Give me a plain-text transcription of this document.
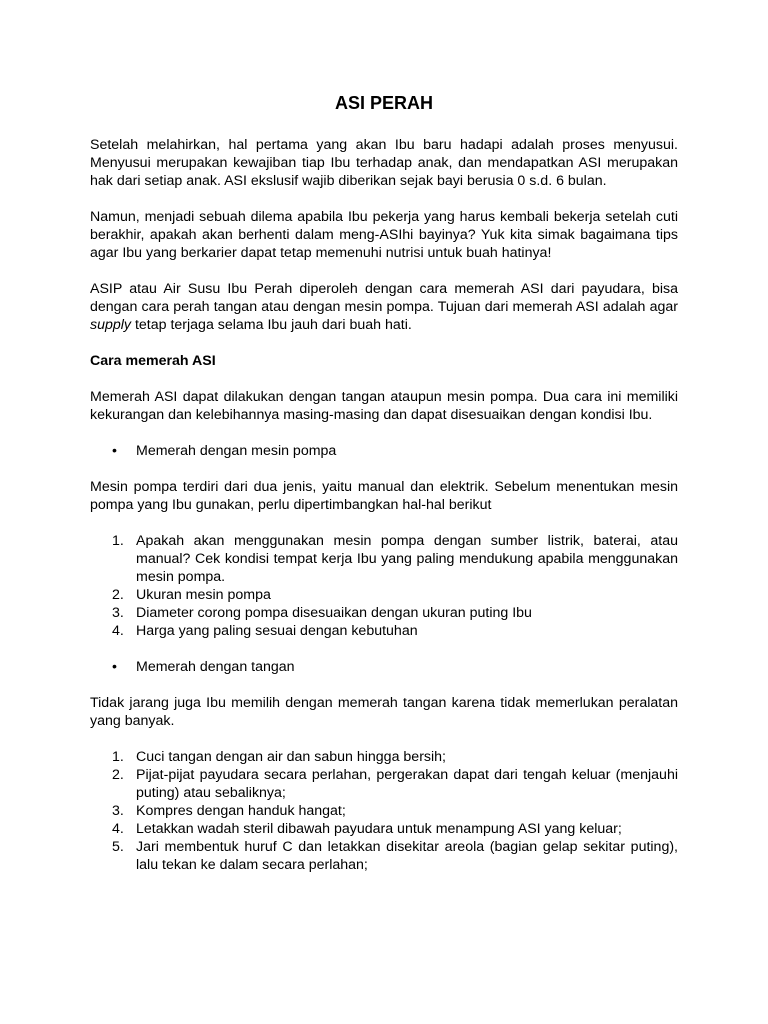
ASI PERAH

Setelah melahirkan, hal pertama yang akan Ibu baru hadapi adalah proses menyusui. Menyusui merupakan kewajiban tiap Ibu terhadap anak, dan mendapatkan ASI merupakan hak dari setiap anak. ASI ekslusif wajib diberikan sejak bayi berusia 0 s.d. 6 bulan.

Namun, menjadi sebuah dilema apabila Ibu pekerja yang harus kembali bekerja setelah cuti berakhir, apakah akan berhenti dalam meng-ASIhi bayinya? Yuk kita simak bagaimana tips agar Ibu yang berkarier dapat tetap memenuhi nutrisi untuk buah hatinya!

ASIP atau Air Susu Ibu Perah diperoleh dengan cara memerah ASI dari payudara, bisa dengan cara perah tangan atau dengan mesin pompa. Tujuan dari memerah ASI adalah agar supply tetap terjaga selama Ibu jauh dari buah hati.

Cara memerah ASI

Memerah ASI dapat dilakukan dengan tangan ataupun mesin pompa. Dua cara ini memiliki kekurangan dan kelebihannya masing-masing dan dapat disesuaikan dengan kondisi Ibu.

• Memerah dengan mesin pompa

Mesin pompa terdiri dari dua jenis, yaitu manual dan elektrik. Sebelum menentukan mesin pompa yang Ibu gunakan, perlu dipertimbangkan hal-hal berikut

1. Apakah akan menggunakan mesin pompa dengan sumber listrik, baterai, atau manual? Cek kondisi tempat kerja Ibu yang paling mendukung apabila menggunakan mesin pompa.
2. Ukuran mesin pompa
3. Diameter corong pompa disesuaikan dengan ukuran puting Ibu
4. Harga yang paling sesuai dengan kebutuhan
• Memerah dengan tangan

Tidak jarang juga Ibu memilih dengan memerah tangan karena tidak memerlukan peralatan yang banyak.

1. Cuci tangan dengan air dan sabun hingga bersih;
2. Pijat-pijat payudara secara perlahan, pergerakan dapat dari tengah keluar (menjauhi puting) atau sebaliknya;
3. Kompres dengan handuk hangat;
4. Letakkan wadah steril dibawah payudara untuk menampung ASI yang keluar;
5. Jari membentuk huruf C dan letakkan disekitar areola (bagian gelap sekitar puting), lalu tekan ke dalam secara perlahan;
